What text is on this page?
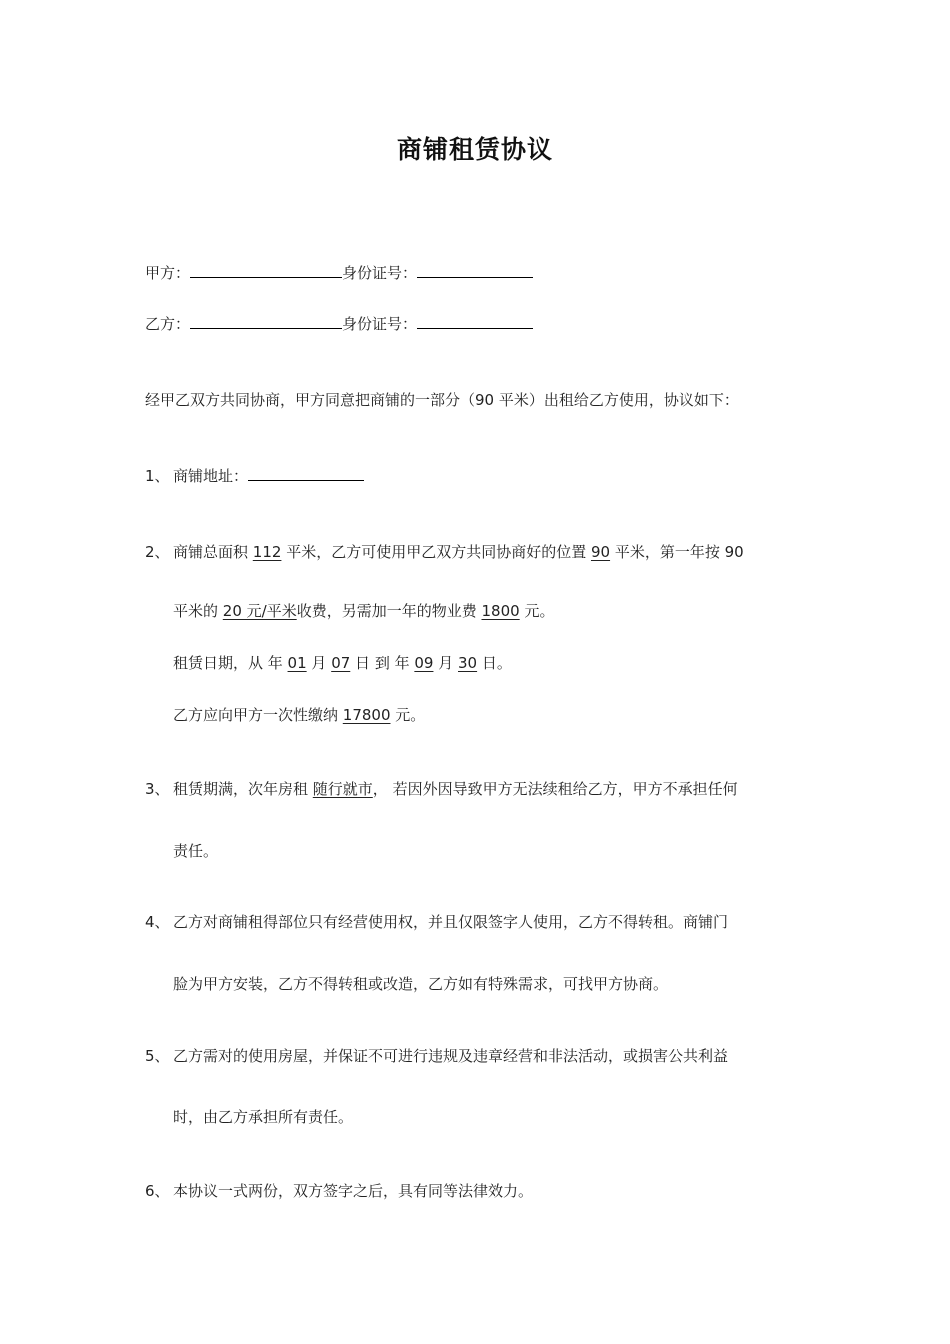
商铺租赁协议
甲方：	身份证号：
乙方：	身份证号：
经甲乙双方共同协商，甲方同意把商铺的一部分（90 平米）出租给乙方使用，协议如下：
1、 商铺地址：
2、 商铺总面积 112 平米，乙方可使用甲乙双方共同协商好的位置 90 平米，第一年按 90
平米的 20 元/平米收费，另需加一年的物业费 1800 元。
租赁日期，从 年 01 月 07 日 到 年 09 月 30 日。
乙方应向甲方一次性缴纳 17800 元。
3、 租赁期满，次年房租 随行就市， 若因外因导致甲方无法续租给乙方，甲方不承担任何
责任。
4、 乙方对商铺租得部位只有经营使用权，并且仅限签字人使用，乙方不得转租。商铺门
脸为甲方安装，乙方不得转租或改造，乙方如有特殊需求，可找甲方协商。
5、 乙方需对的使用房屋，并保证不可进行违规及违章经营和非法活动，或损害公共利益
时，由乙方承担所有责任。
6、 本协议一式两份，双方签字之后，具有同等法律效力。
